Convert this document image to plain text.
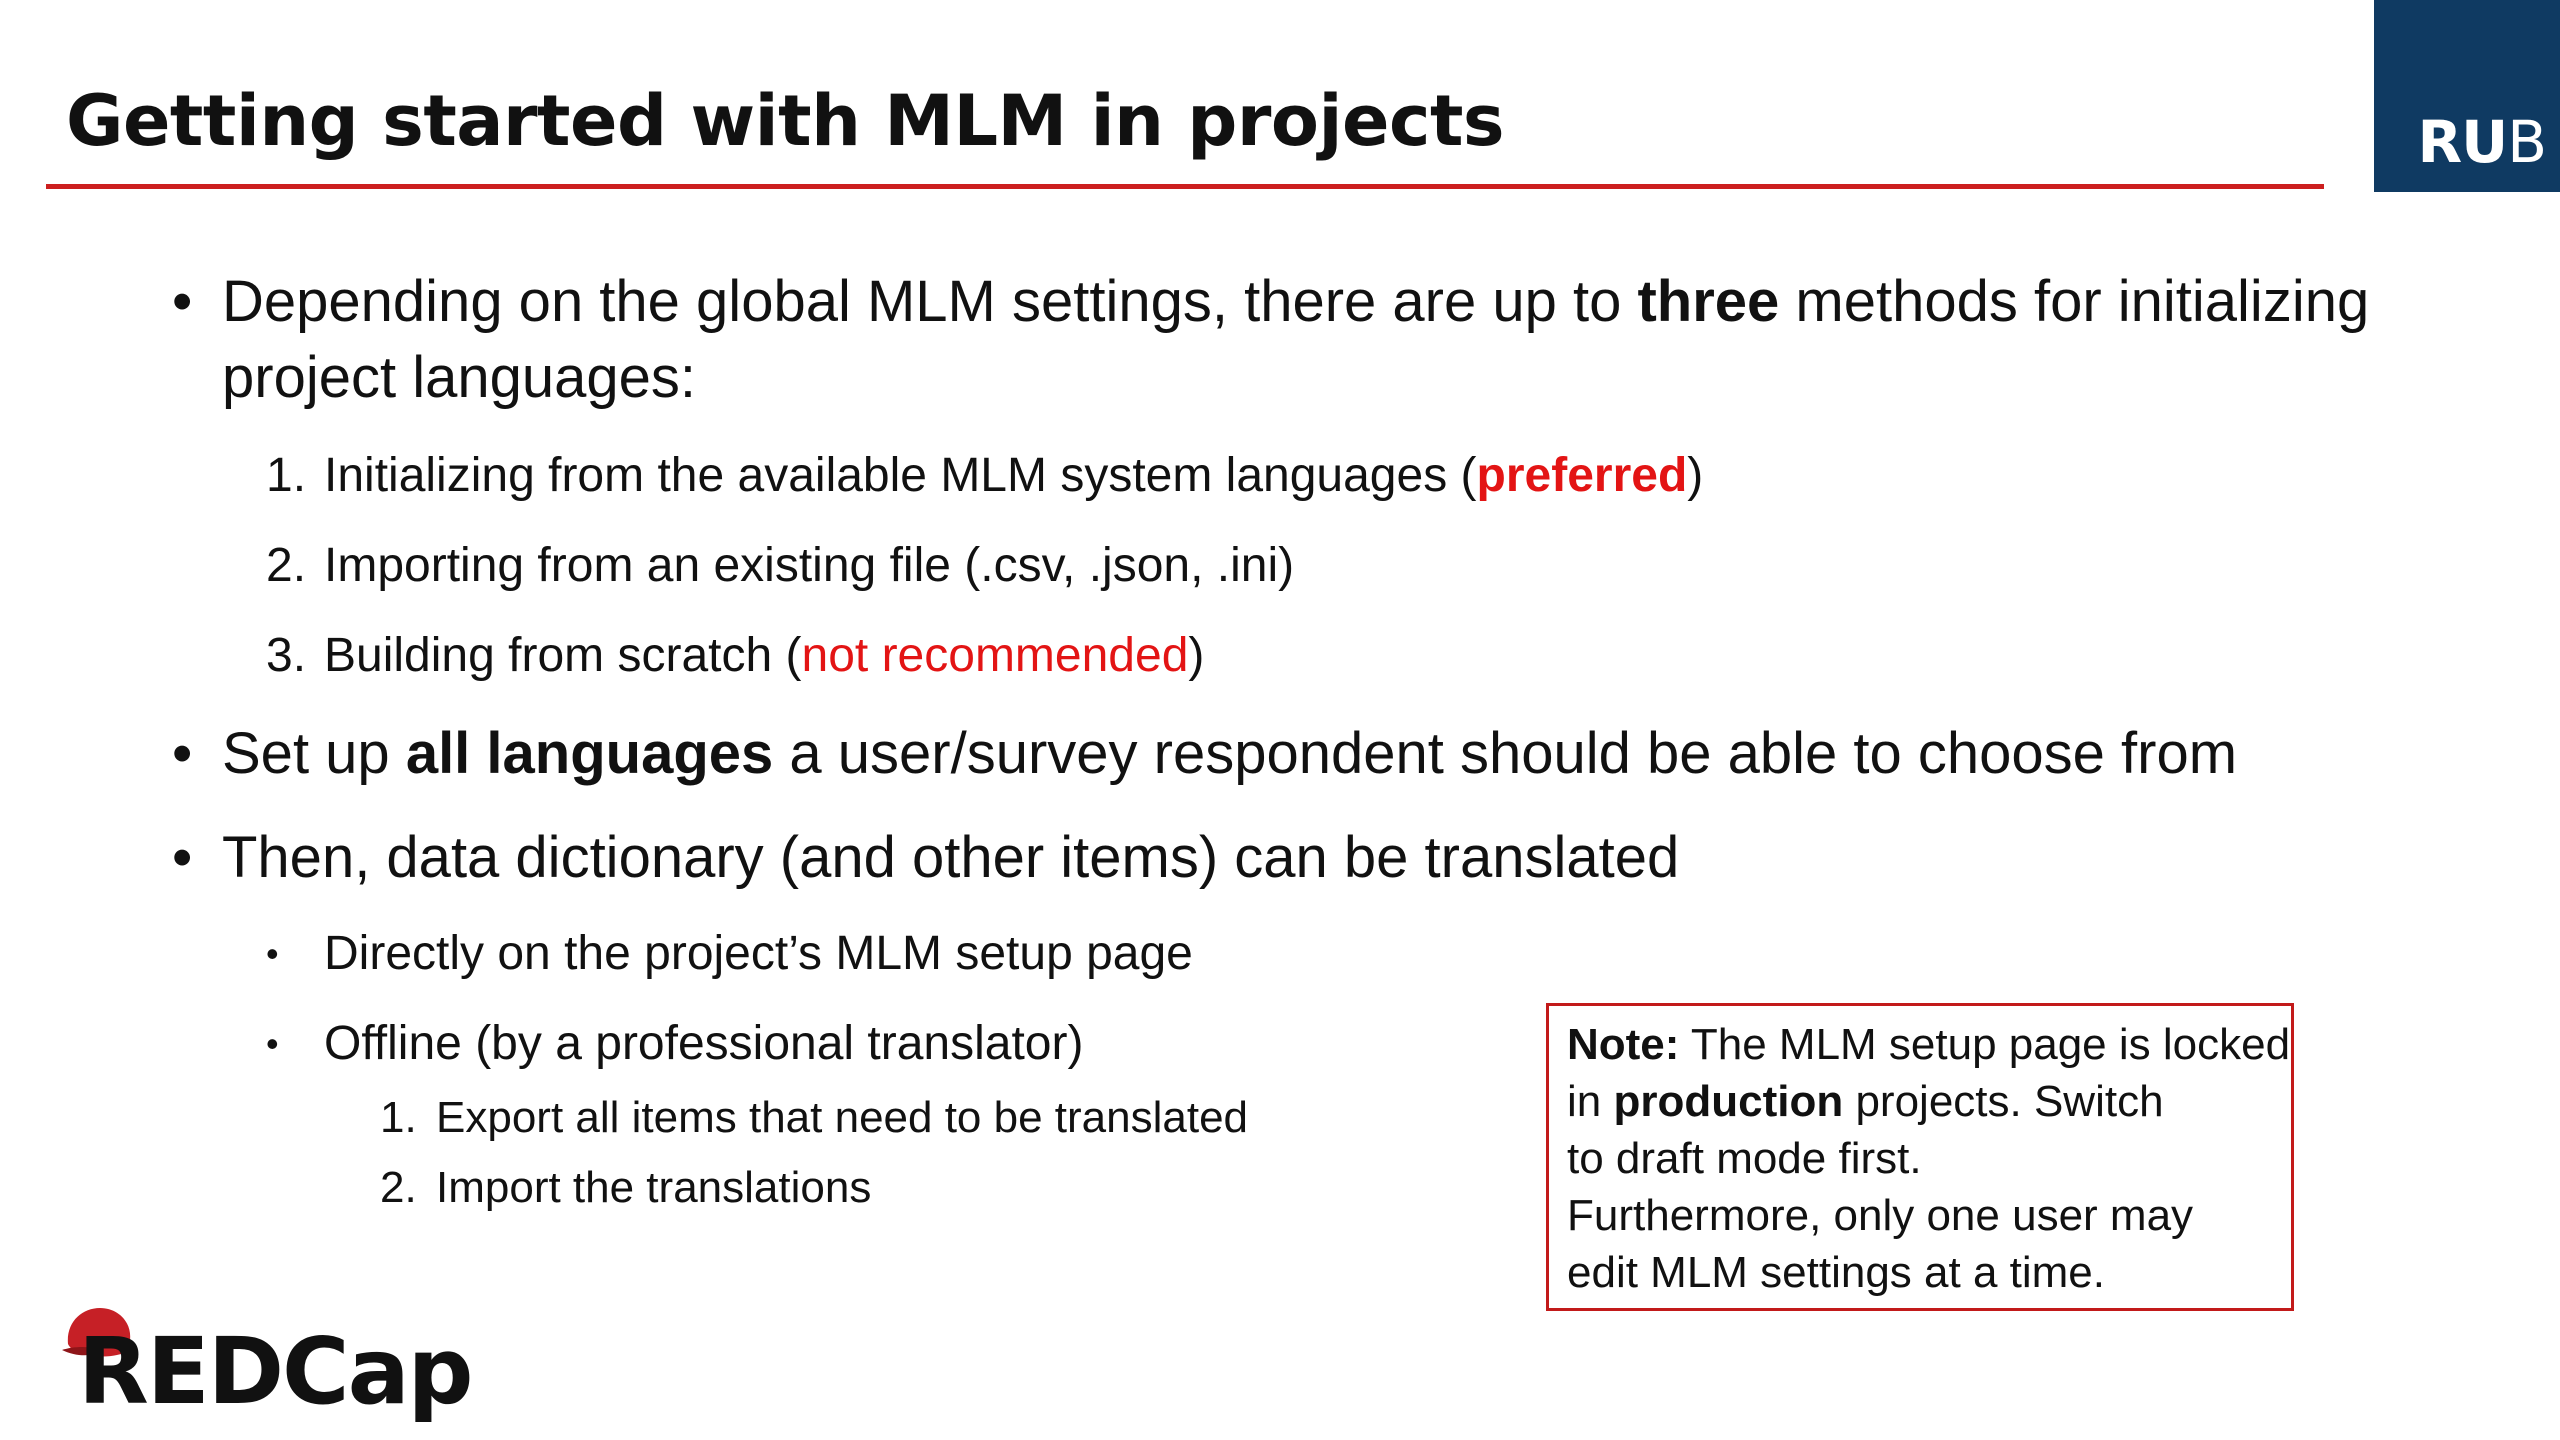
Getting started with MLM in projects	RUB
• Depending on the global MLM settings, there are up to three methods for initializing
project languages:
1. Initializing from the available MLM system languages (preferred)
2. Importing from an existing file (.csv, .json, .ini)
3. Building from scratch (not recommended)
• Set up all languages a user/survey respondent should be able to choose from
• Then, data dictionary (and other items) can be translated
• Directly on the project’s MLM setup page
• Offline (by a professional translator)
1. Export all items that need to be translated
2. Import the translations
Note: The MLM setup page is locked
in production projects. Switch
to draft mode first.
Furthermore, only one user may
edit MLM settings at a time.
REDCap
